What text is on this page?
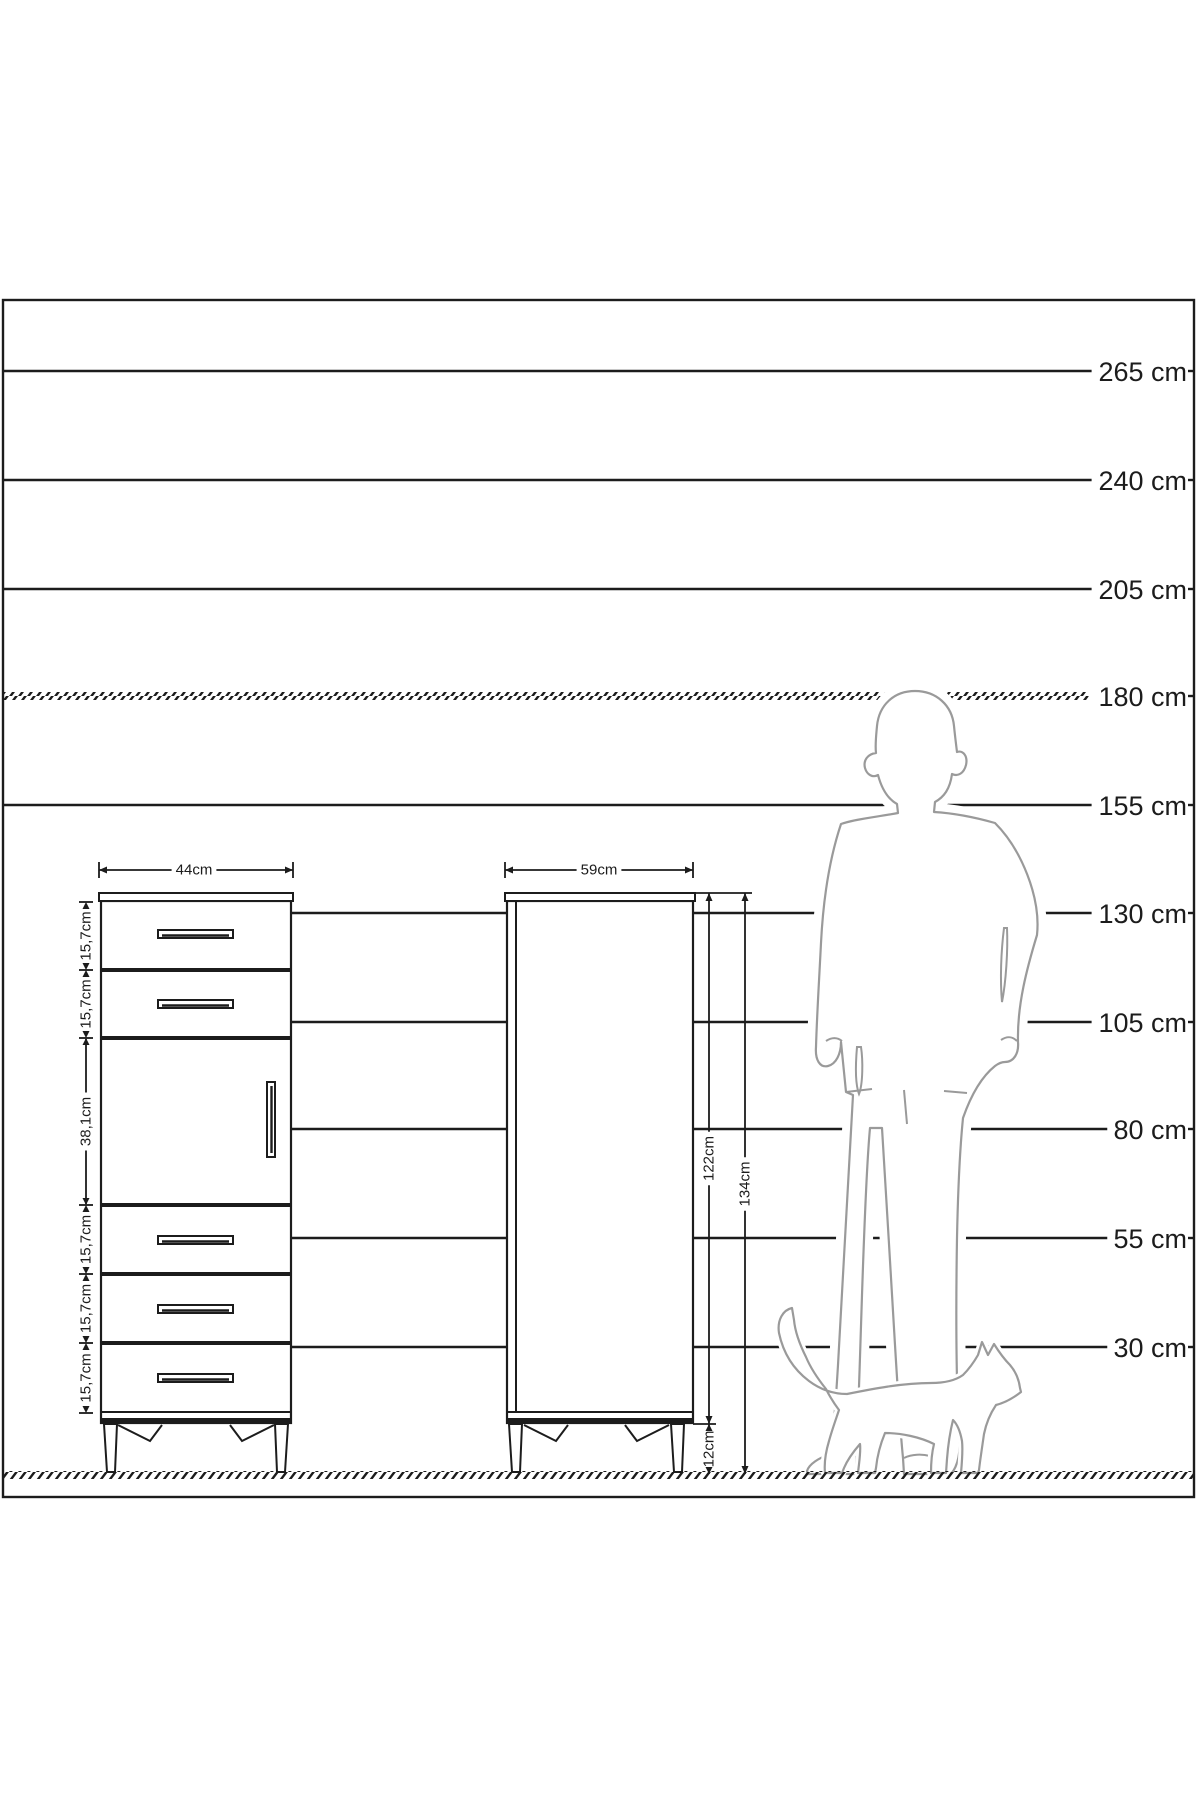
265 cm
240 cm
205 cm
180 cm
155 cm
130 cm
105 cm
80 cm
55 cm
30 cm
44cm
15,7cm
15,7cm
38,1cm
15,7cm
15,7cm
15,7cm
59cm
122cm
12cm
134cm
